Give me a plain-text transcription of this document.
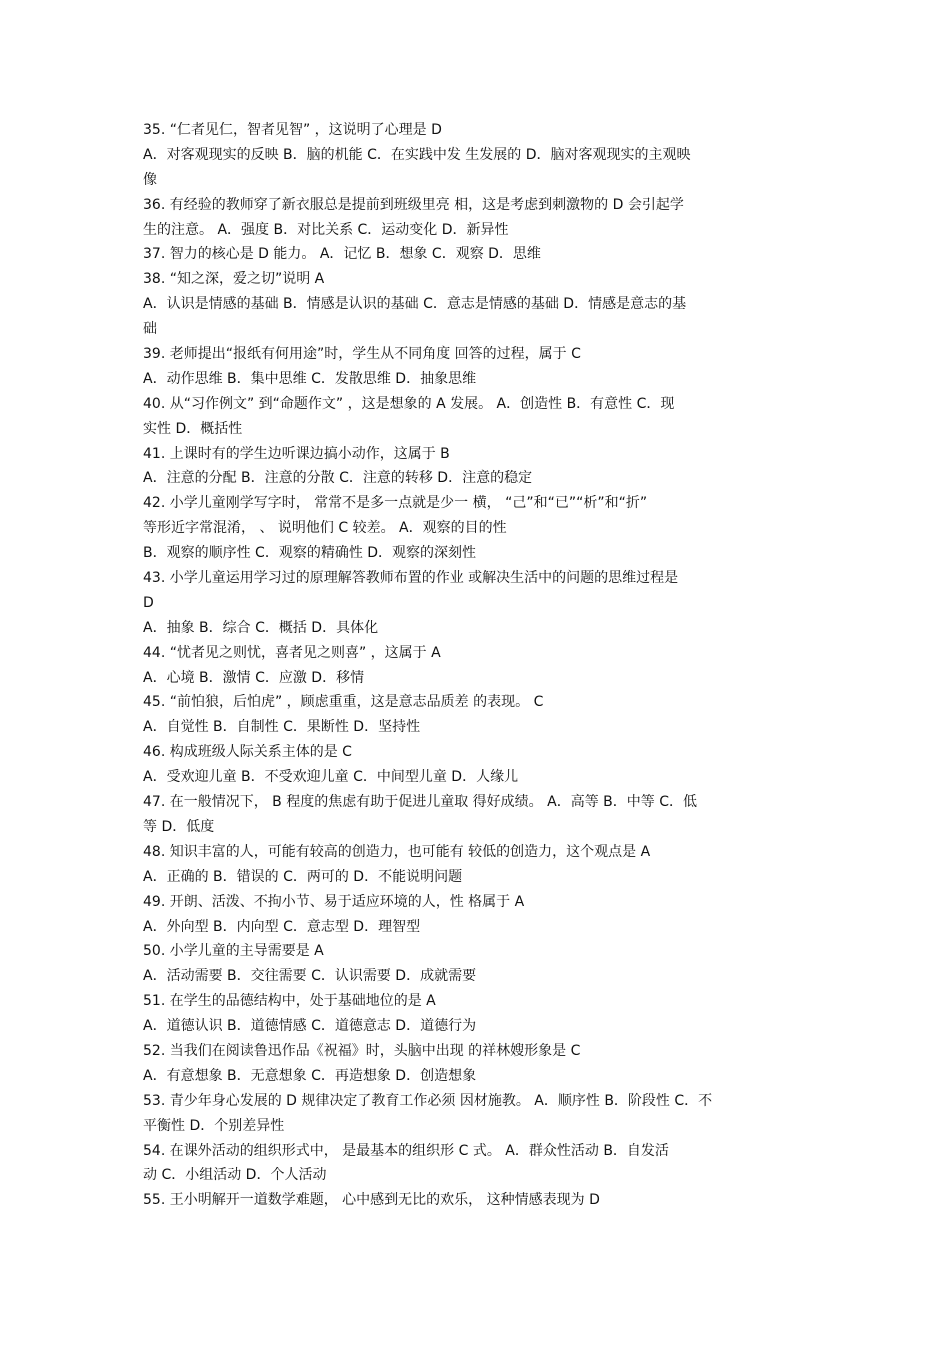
35. “仁者见仁，智者见智” ，这说明了心理是 D
A．对客观现实的反映 B．脑的机能 C．在实践中发 生发展的 D．脑对客观现实的主观映
像
36. 有经验的教师穿了新衣服总是提前到班级里亮 相，这是考虑到刺激物的 D 会引起学
生的注意。 A．强度 B．对比关系 C．运动变化 D．新异性
37. 智力的核心是 D 能力。 A．记忆 B．想象 C．观察 D．思维
38. “知之深，爱之切”说明 A
A．认识是情感的基础 B．情感是认识的基础 C．意志是情感的基础 D．情感是意志的基
础
39. 老师提出“报纸有何用途”时，学生从不同角度 回答的过程，属于 C
A．动作思维 B．集中思维 C．发散思维 D．抽象思维
40. 从“习作例文” 到“命题作文” ，这是想象的 A 发展。 A．创造性 B．有意性 C．现
实性 D．概括性
41. 上课时有的学生边听课边搞小动作，这属于 B
A．注意的分配 B．注意的分散 C．注意的转移 D．注意的稳定
42. 小学儿童刚学写字时， 常常不是多一点就是少一 横， “己”和“已”“析”和“折”
等形近字常混淆， 、 说明他们 C 较差。 A．观察的目的性
B．观察的顺序性 C．观察的精确性 D．观察的深刻性
43. 小学儿童运用学习过的原理解答教师布置的作业 或解决生活中的问题的思维过程是
D
A．抽象 B．综合 C．概括 D．具体化
44. “忧者见之则忧，喜者见之则喜” ，这属于 A
A．心境 B．激情 C．应激 D．移情
45. “前怕狼，后怕虎” ，顾虑重重，这是意志品质差 的表现。 C
A．自觉性 B．自制性 C．果断性 D．坚持性
46. 构成班级人际关系主体的是 C
A．受欢迎儿童 B．不受欢迎儿童 C．中间型儿童 D．人缘儿
47. 在一般情况下， B 程度的焦虑有助于促进儿童取 得好成绩。 A．高等 B．中等 C．低
等 D．低度
48. 知识丰富的人，可能有较高的创造力，也可能有 较低的创造力，这个观点是 A
A．正确的 B．错误的 C．两可的 D．不能说明问题
49. 开朗、活泼、不拘小节、易于适应环境的人，性 格属于 A
A．外向型 B．内向型 C．意志型 D．理智型
50. 小学儿童的主导需要是 A
A．活动需要 B．交往需要 C．认识需要 D．成就需要
51. 在学生的品德结构中，处于基础地位的是 A
A．道德认识 B．道德情感 C．道德意志 D．道德行为
52. 当我们在阅读鲁迅作品《祝福》时，头脑中出现 的祥林嫂形象是 C
A．有意想象 B．无意想象 C．再造想象 D．创造想象
53. 青少年身心发展的 D 规律决定了教育工作必须 因材施教。 A．顺序性 B．阶段性 C．不
平衡性 D．个别差异性
54. 在课外活动的组织形式中， 是最基本的组织形 C 式。 A．群众性活动 B．自发活
动 C．小组活动 D．个人活动
55. 王小明解开一道数学难题， 心中感到无比的欢乐， 这种情感表现为 D
